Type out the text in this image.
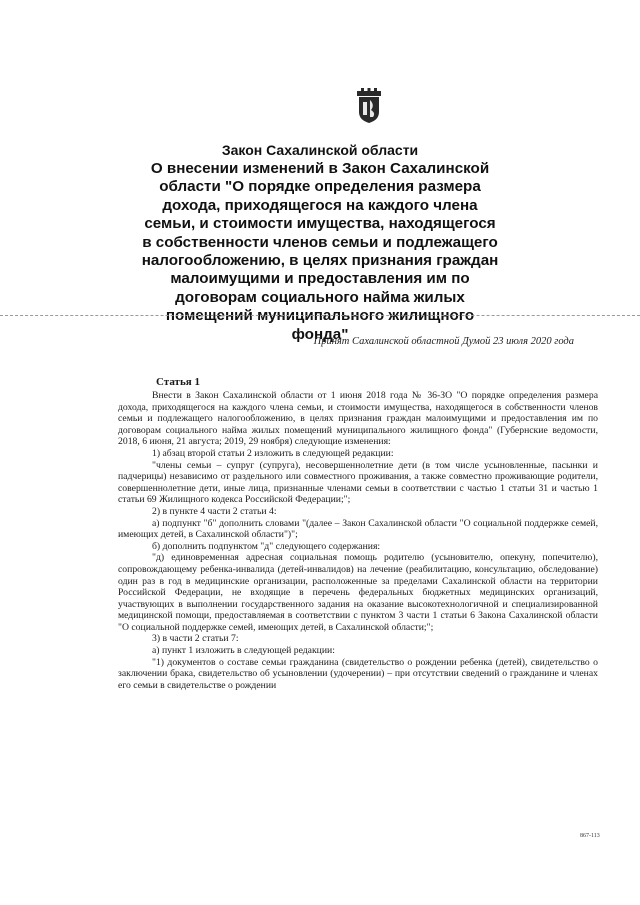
Закон Сахалинской области
О внесении изменений в Закон Сахалинской области "О порядке определения размера дохода, приходящегося на каждого члена семьи, и стоимости имущества, находящегося в собственности членов семьи и подлежащего налогообложению, в целях признания граждан малоимущими и предоставления им по договорам социального найма жилых помещений муниципального жилищного фонда"
Принят Сахалинской областной Думой 23 июля 2020 года
Статья 1

Внести в Закон Сахалинской области от 1 июня 2018 года № 36-ЗО "О порядке определения размера дохода, приходящегося на каждого члена семьи, и стоимости имущества, находящегося в собственности членов семьи и подлежащего налогообложению, в целях признания граждан малоимущими и предоставления им по договорам социального найма жилых помещений муниципального жилищного фонда" (Губернские ведомости, 2018, 6 июня, 21 августа; 2019, 29 ноября) следующие изменения:

1) абзац второй статьи 2 изложить в следующей редакции:

"члены семьи – супруг (супруга), несовершеннолетние дети (в том числе усыновленные, пасынки и падчерицы) независимо от раздельного или совместного проживания, а также совместно проживающие родители, совершеннолетние дети, иные лица, признанные членами семьи в соответствии с частью 1 статьи 31 и частью 1 статьи 69 Жилищного кодекса Российской Федерации;";

2) в пункте 4 части 2 статьи 4:

а) подпункт "б" дополнить словами "(далее – Закон Сахалинской области "О социальной поддержке семей, имеющих детей, в Сахалинской области")";

б) дополнить подпунктом "д" следующего содержания:

"д) единовременная адресная социальная помощь родителю (усыновителю, опекуну, попечителю), сопровождающему ребенка-инвалида (детей-инвалидов) на лечение (реабилитацию, консультацию, обследование) один раз в год в медицинские организации, расположенные за пределами Сахалинской области на территории Российской Федерации, не входящие в перечень федеральных бюджетных медицинских организаций, участвующих в выполнении государственного задания на оказание высокотехнологичной и специализированной медицинской помощи, предоставляемая в соответствии с пунктом 3 части 1 статьи 6 Закона Сахалинской области "О социальной поддержке семей, имеющих детей, в Сахалинской области;";

3) в части 2 статьи 7:

а) пункт 1 изложить в следующей редакции:

"1) документов о составе семьи гражданина (свидетельство о рождении ребенка (детей), свидетельство о заключении брака, свидетельство об усыновлении (удочерении) – при отсутствии сведений о гражданине и членах его семьи в свидетельстве о рождении

867-113
